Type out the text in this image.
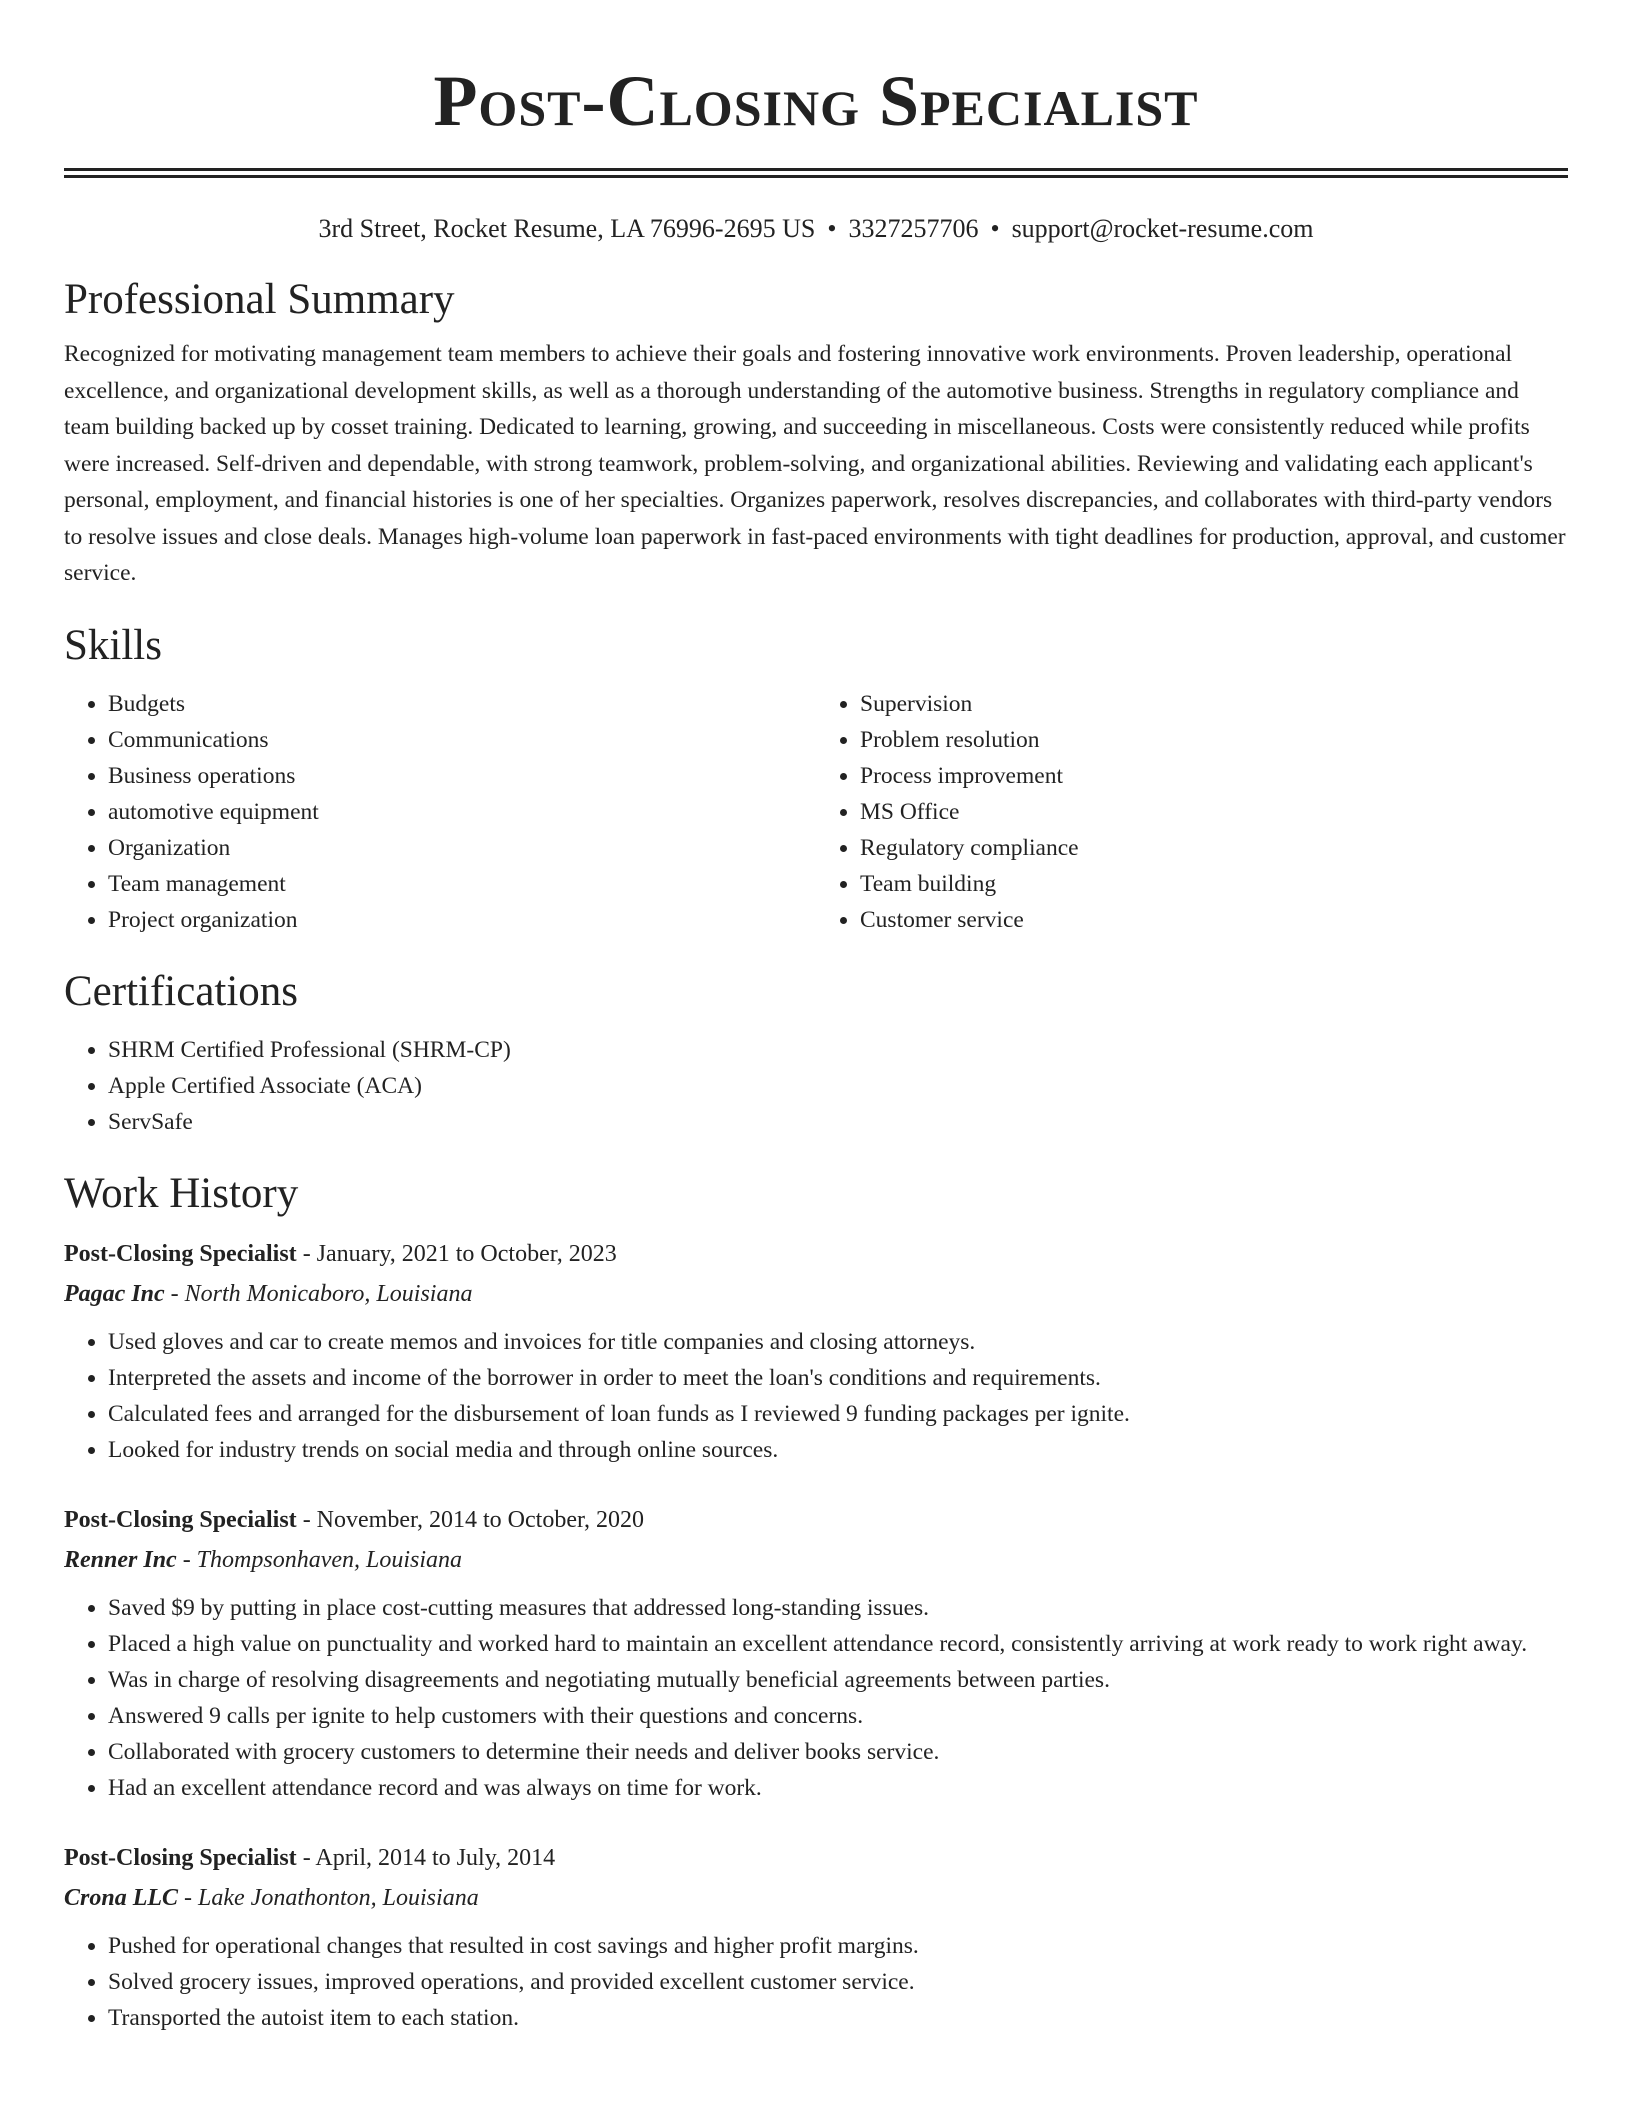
Post-Closing Specialist
3rd Street, Rocket Resume, LA 76996-2695 US • 3327257706 • support@rocket-resume.com
Professional Summary

Recognized for motivating management team members to achieve their goals and fostering innovative work environments. Proven leadership, operational excellence, and organizational development skills, as well as a thorough understanding of the automotive business. Strengths in regulatory compliance and team building backed up by cosset training. Dedicated to learning, growing, and succeeding in miscellaneous. Costs were consistently reduced while profits were increased. Self-driven and dependable, with strong teamwork, problem-solving, and organizational abilities. Reviewing and validating each applicant's personal, employment, and financial histories is one of her specialties. Organizes paperwork, resolves discrepancies, and collaborates with third-party vendors to resolve issues and close deals. Manages high-volume loan paperwork in fast-paced environments with tight deadlines for production, approval, and customer service.

Skills
• Budgets
• Communications
• Business operations
• automotive equipment
• Organization
• Team management
• Project organization
• Supervision
• Problem resolution
• Process improvement
• MS Office
• Regulatory compliance
• Team building
• Customer service
Certifications
• SHRM Certified Professional (SHRM-CP)
• Apple Certified Associate (ACA)
• ServSafe
Work History
Post-Closing Specialist - January, 2021 to October, 2023
Pagac Inc - North Monicaboro, Louisiana
• Used gloves and car to create memos and invoices for title companies and closing attorneys.
• Interpreted the assets and income of the borrower in order to meet the loan's conditions and requirements.
• Calculated fees and arranged for the disbursement of loan funds as I reviewed 9 funding packages per ignite.
• Looked for industry trends on social media and through online sources.
Post-Closing Specialist - November, 2014 to October, 2020
Renner Inc - Thompsonhaven, Louisiana
• Saved $9 by putting in place cost-cutting measures that addressed long-standing issues.
• Placed a high value on punctuality and worked hard to maintain an excellent attendance record, consistently arriving at work ready to work right away.
• Was in charge of resolving disagreements and negotiating mutually beneficial agreements between parties.
• Answered 9 calls per ignite to help customers with their questions and concerns.
• Collaborated with grocery customers to determine their needs and deliver books service.
• Had an excellent attendance record and was always on time for work.
Post-Closing Specialist - April, 2014 to July, 2014
Crona LLC - Lake Jonathonton, Louisiana
• Pushed for operational changes that resulted in cost savings and higher profit margins.
• Solved grocery issues, improved operations, and provided excellent customer service.
• Transported the autoist item to each station.
